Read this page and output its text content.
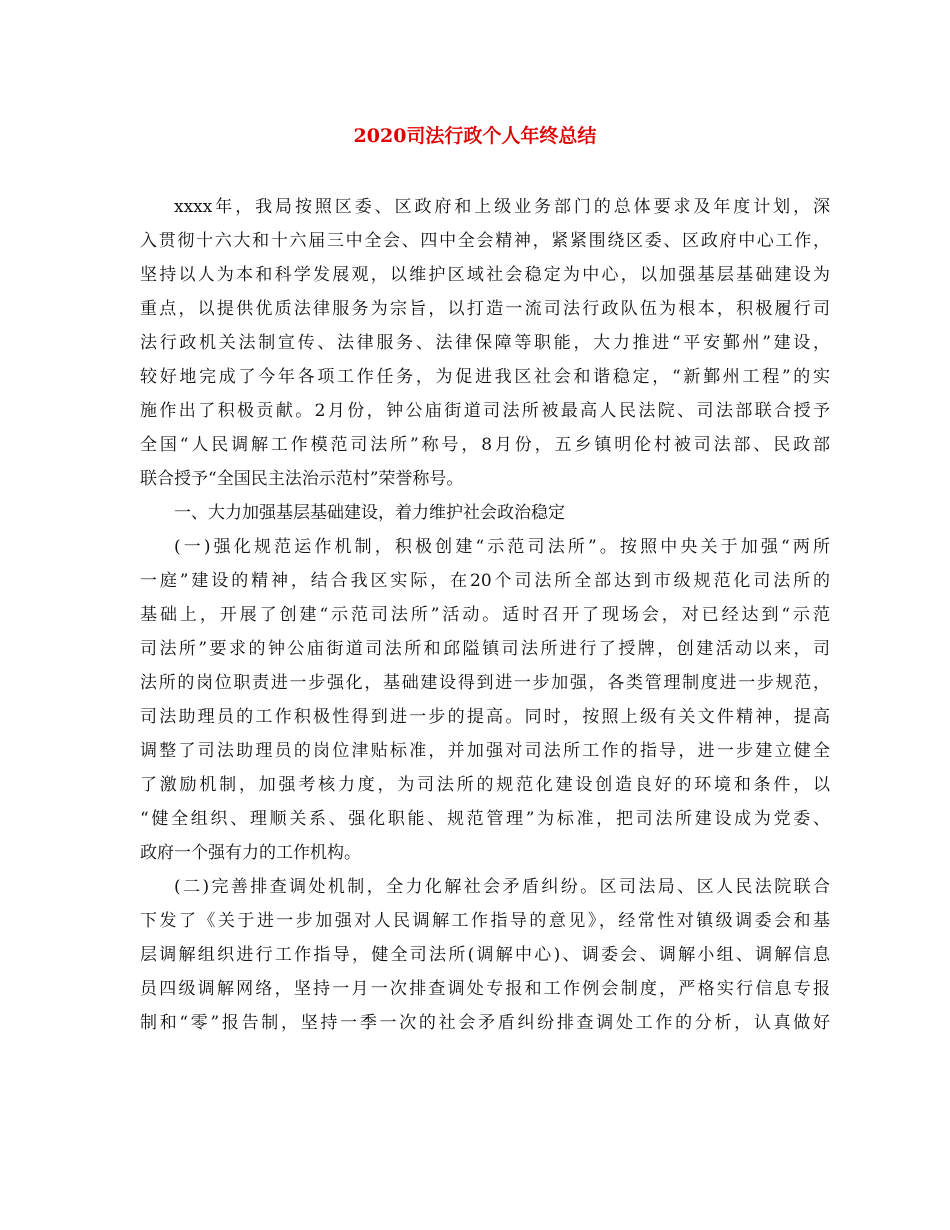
2020司法行政个人年终总结

xxxx年，我局按照区委、区政府和上级业务部门的总体要求及年度计划，深

入贯彻十六大和十六届三中全会、四中全会精神，紧紧围绕区委、区政府中心工作，

坚持以人为本和科学发展观，以维护区域社会稳定为中心，以加强基层基础建设为

重点，以提供优质法律服务为宗旨，以打造一流司法行政队伍为根本，积极履行司

法行政机关法制宣传、法律服务、法律保障等职能，大力推进“平安鄞州”建设，

较好地完成了今年各项工作任务，为促进我区社会和谐稳定，“新鄞州工程”的实

施作出了积极贡献。2月份，钟公庙街道司法所被最高人民法院、司法部联合授予

全国“人民调解工作模范司法所”称号，8月份，五乡镇明伦村被司法部、民政部

联合授予“全国民主法治示范村”荣誉称号。

一、大力加强基层基础建设，着力维护社会政治稳定

(一)强化规范运作机制，积极创建“示范司法所”。按照中央关于加强“两所

一庭”建设的精神，结合我区实际，在20个司法所全部达到市级规范化司法所的

基础上，开展了创建“示范司法所”活动。适时召开了现场会，对已经达到“示范

司法所”要求的钟公庙街道司法所和邱隘镇司法所进行了授牌，创建活动以来，司

法所的岗位职责进一步强化，基础建设得到进一步加强，各类管理制度进一步规范，

司法助理员的工作积极性得到进一步的提高。同时，按照上级有关文件精神，提高

调整了司法助理员的岗位津贴标准，并加强对司法所工作的指导，进一步建立健全

了激励机制，加强考核力度，为司法所的规范化建设创造良好的环境和条件，以

“健全组织、理顺关系、强化职能、规范管理”为标准，把司法所建设成为党委、

政府一个强有力的工作机构。

(二)完善排查调处机制，全力化解社会矛盾纠纷。区司法局、区人民法院联合

下发了《关于进一步加强对人民调解工作指导的意见》，经常性对镇级调委会和基

层调解组织进行工作指导，健全司法所(调解中心)、调委会、调解小组、调解信息

员四级调解网络，坚持一月一次排查调处专报和工作例会制度，严格实行信息专报

制和“零”报告制，坚持一季一次的社会矛盾纠纷排查调处工作的分析，认真做好
